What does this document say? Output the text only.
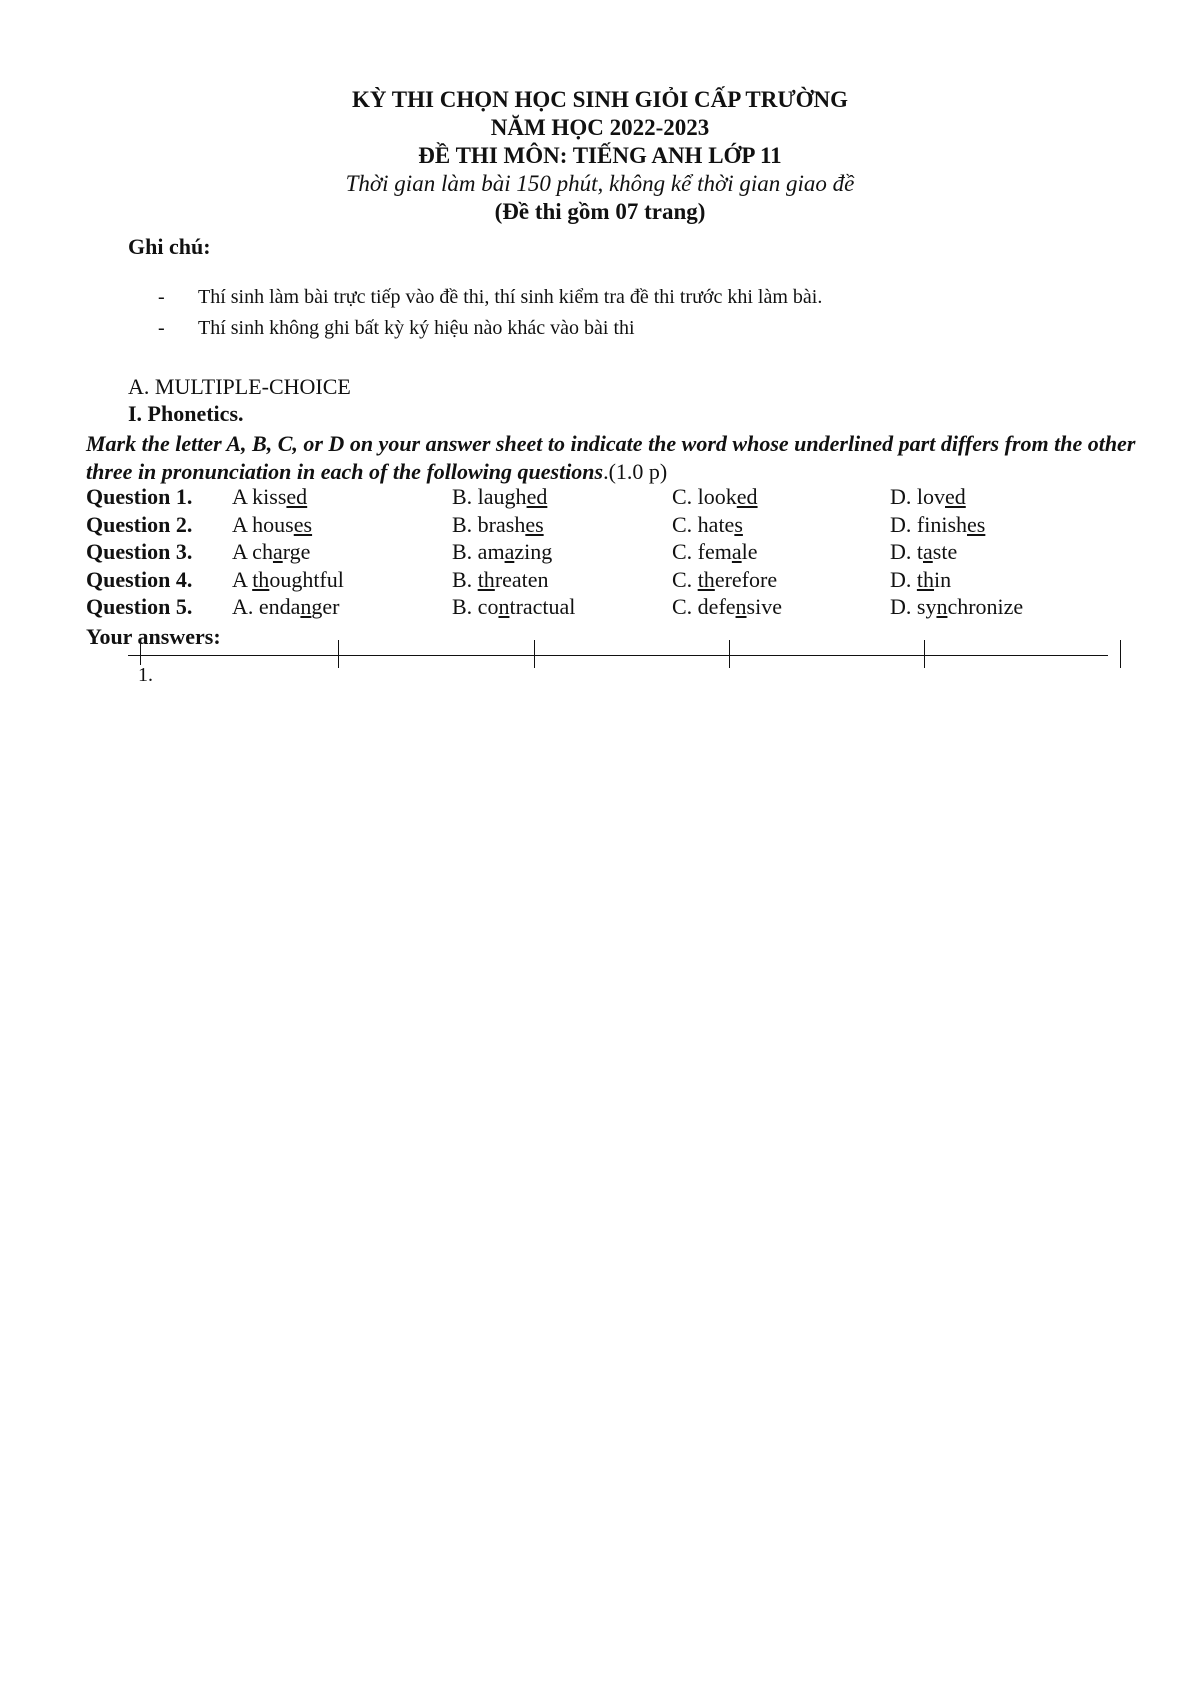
KỲ THI CHỌN HỌC SINH GIỎI CẤP TRƯỜNG
NĂM HỌC 2022-2023
ĐỀ THI MÔN: TIẾNG ANH LỚP 11
Thời gian làm bài 150 phút, không kể thời gian giao đề
(Đề thi gồm 07 trang)
Ghi chú:
-	Thí sinh làm bài trực tiếp vào đề thi, thí sinh kiểm tra đề thi trước khi làm bài.
-	Thí sinh không ghi bất kỳ ký hiệu nào khác vào bài thi
A. MULTIPLE-CHOICE
I. Phonetics.
Mark the letter A, B, C, or D on your answer sheet to indicate the word whose underlined part differs from the other three in pronunciation in each of the following questions.(1.0 p)
Question 1. A kissed	B. laughed	C. looked	D. loved
Question 2. A houses	B. brashes	C. hates	D. finishes
Question 3. A charge	B. amazing	C. female	D. taste
Question 4. A thoughtful	B. threaten	C. therefore	D. thin
Question 5. A. endanger	B. contractual	C. defensive	D. synchronize
Your answers:
1.
